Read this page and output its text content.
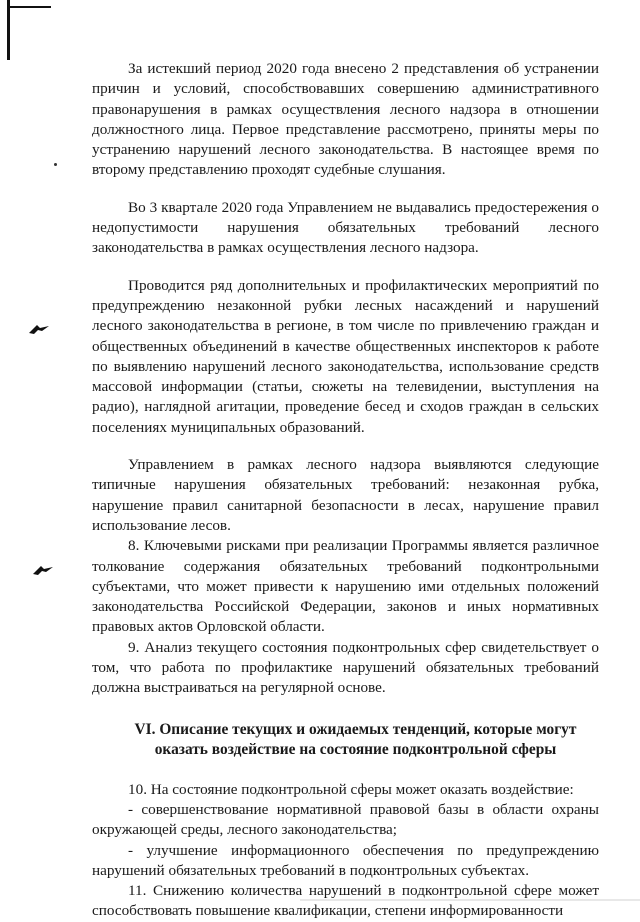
За истекший период 2020 года внесено 2 представления об устранении причин и условий, способствовавших совершению административного правонарушения в рамках осуществления лесного надзора в отношении должностного лица. Первое представление рассмотрено, приняты меры по устранению нарушений лесного законодательства. В настоящее время по второму представлению проходят судебные слушания.

Во 3 квартале 2020 года Управлением не выдавались предостережения о недопустимости нарушения обязательных требований лесного законодательства в рамках осуществления лесного надзора.

Проводится ряд дополнительных и профилактических мероприятий по предупреждению незаконной рубки лесных насаждений и нарушений лесного законодательства в регионе, в том числе по привлечению граждан и общественных объединений в качестве общественных инспекторов к работе по выявлению нарушений лесного законодательства, использование средств массовой информации (статьи, сюжеты на телевидении, выступления на радио), наглядной агитации, проведение бесед и сходов граждан в сельских поселениях муниципальных образований.

Управлением в рамках лесного надзора выявляются следующие типичные нарушения обязательных требований: незаконная рубка, нарушение правил санитарной безопасности в лесах, нарушение правил использование лесов.

8. Ключевыми рисками при реализации Программы является различное толкование содержания обязательных требований подконтрольными субъектами, что может привести к нарушению ими отдельных положений законодательства Российской Федерации, законов и иных нормативных правовых актов Орловской области.

9. Анализ текущего состояния подконтрольных сфер свидетельствует о том, что работа по профилактике нарушений обязательных требований должна выстраиваться на регулярной основе.

VI. Описание текущих и ожидаемых тенденций, которые могут оказать воздействие на состояние подконтрольной сферы

10. На состояние подконтрольной сферы может оказать воздействие:

- совершенствование нормативной правовой базы в области охраны окружающей среды, лесного законодательства;

- улучшение информационного обеспечения по предупреждению нарушений обязательных требований в подконтрольных субъектах.

11. Снижению количества нарушений в подконтрольной сфере может способствовать повышение квалификации, степени информированности
